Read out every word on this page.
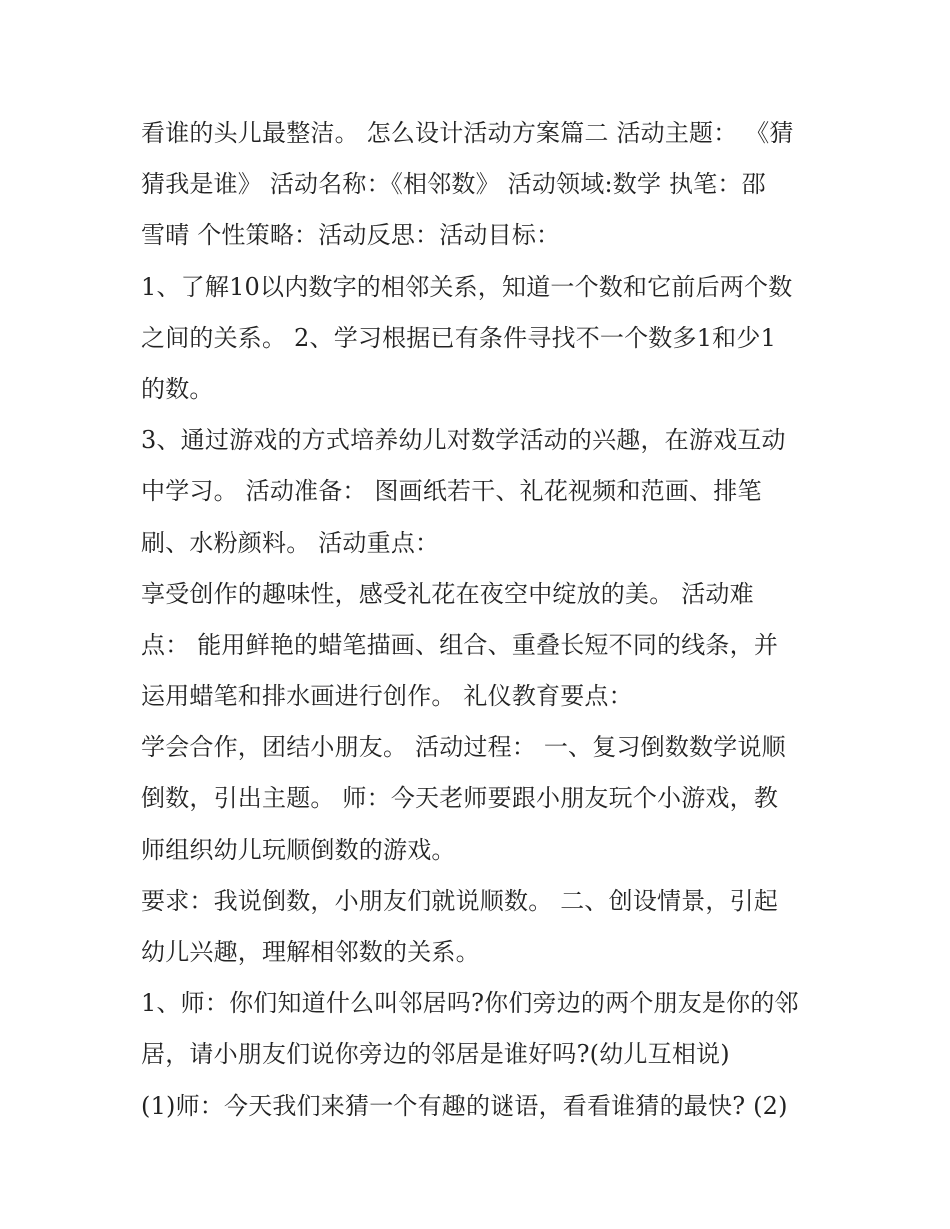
看谁的头儿最整洁。 怎么设计活动方案篇二 活动主题： 《猜
猜我是谁》 活动名称：《相邻数》 活动领域:数学 执笔：邵
雪晴 个性策略：活动反思：活动目标：
1、了解10以内数字的相邻关系，知道一个数和它前后两个数
之间的关系。 2、学习根据已有条件寻找不一个数多1和少1
的数。
3、通过游戏的方式培养幼儿对数学活动的兴趣，在游戏互动
中学习。 活动准备： 图画纸若干、礼花视频和范画、排笔
刷、水粉颜料。 活动重点：
享受创作的趣味性，感受礼花在夜空中绽放的美。 活动难
点： 能用鲜艳的蜡笔描画、组合、重叠长短不同的线条，并
运用蜡笔和排水画进行创作。 礼仪教育要点：
学会合作，团结小朋友。 活动过程： 一、复习倒数数学说顺
倒数，引出主题。 师：今天老师要跟小朋友玩个小游戏，教
师组织幼儿玩顺倒数的游戏。
要求：我说倒数，小朋友们就说顺数。 二、创设情景，引起
幼儿兴趣，理解相邻数的关系。
1、师：你们知道什么叫邻居吗?你们旁边的两个朋友是你的邻
居，请小朋友们说你旁边的邻居是谁好吗?(幼儿互相说)
(1)师：今天我们来猜一个有趣的谜语，看看谁猜的最快? (2)
